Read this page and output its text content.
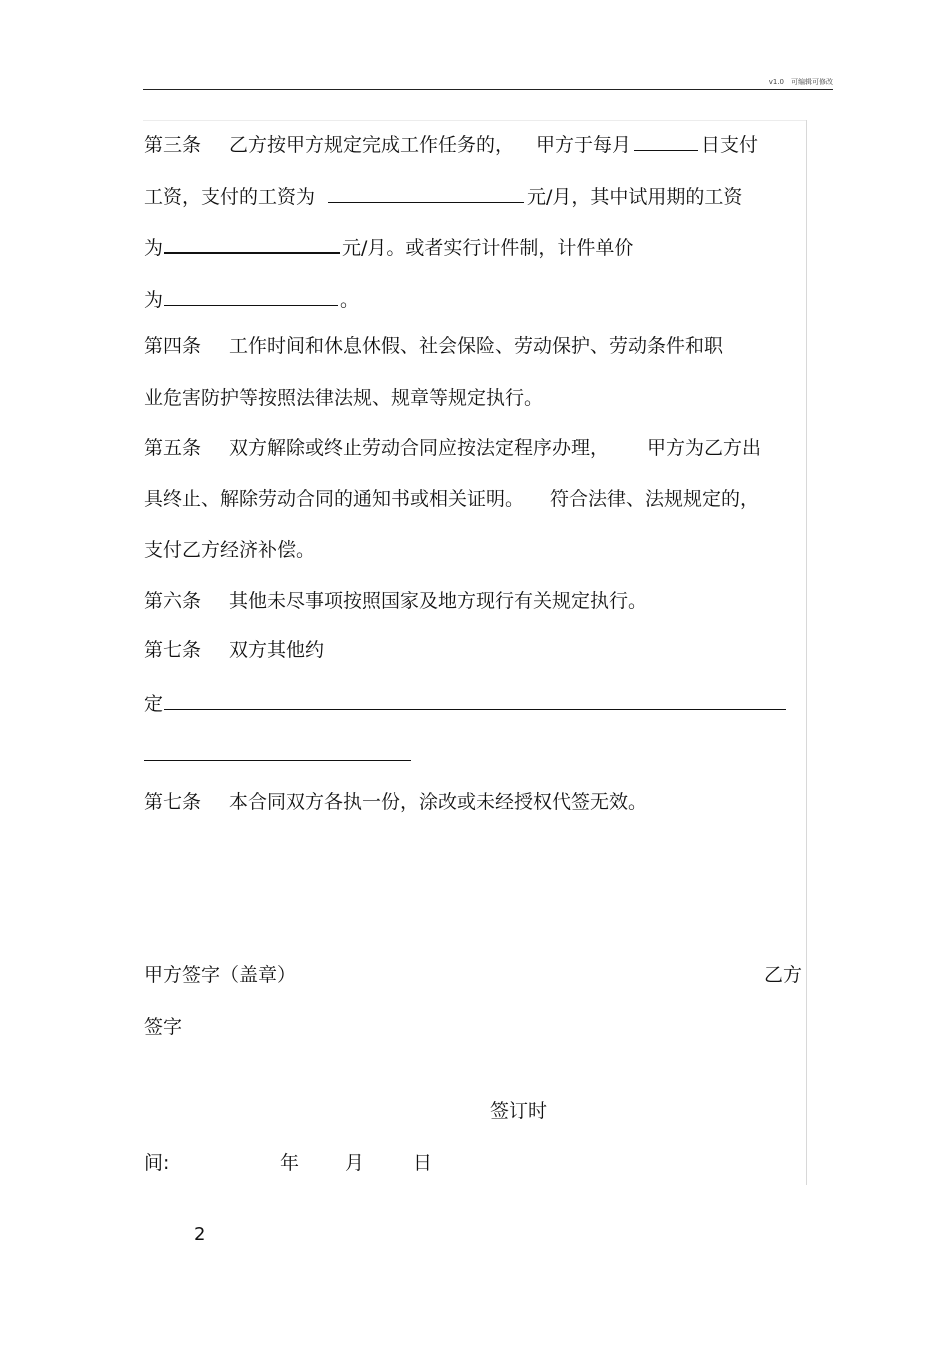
v1.0　可编辑可修改
第三条 乙方按甲方规定完成工作任务的， 甲方于每月	日支付
工资，支付的工资为	元/月，其中试用期的工资
为	元/月。或者实行计件制，计件单价
为	。
第四条 工作时间和休息休假、社会保险、劳动保护、劳动条件和职
业危害防护等按照法律法规、规章等规定执行。
第五条 双方解除或终止劳动合同应按法定程序办理， 甲方为乙方出
具终止、解除劳动合同的通知书或相关证明。 符合法律、法规规定的，
支付乙方经济补偿。
第六条 其他未尽事项按照国家及地方现行有关规定执行。
第七条 双方其他约
定
第七条 本合同双方各执一份，涂改或未经授权代签无效。
甲方签字（盖章）	乙方
签字
签订时
间:	年 月	日
2
